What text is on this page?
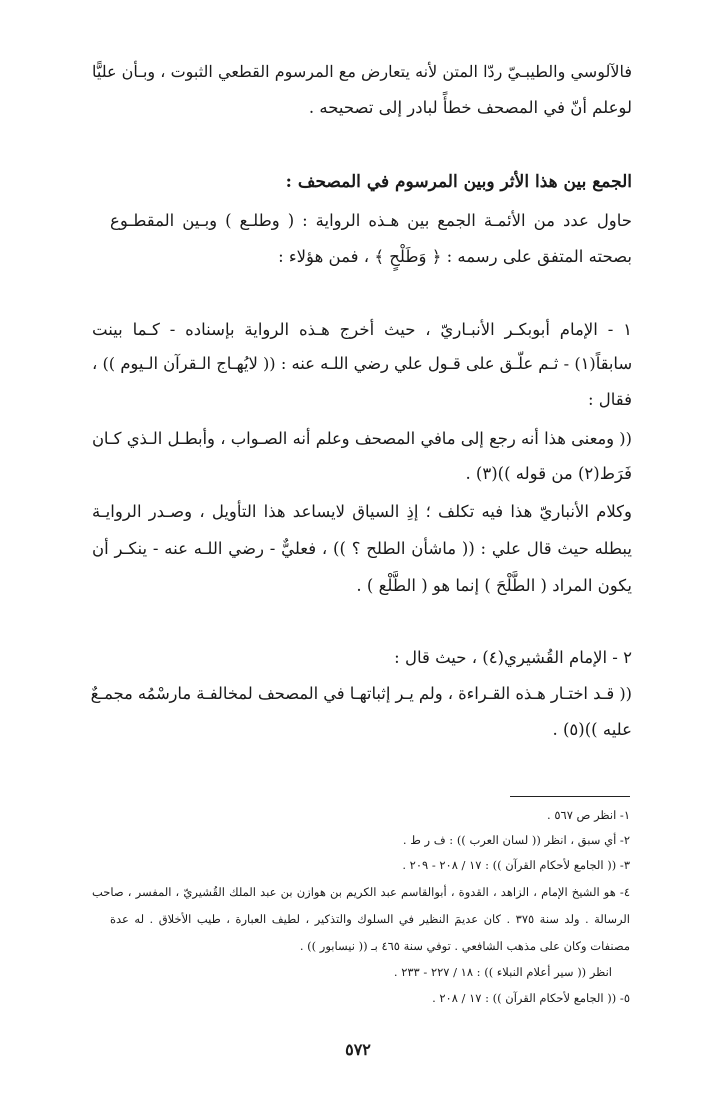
فالآلوسي والطيبـيّ ردّا المتن لأنه يتعارض مع المرسوم القطعي الثبوت ، وبـأن عليًّا
لوعلم أنّ في المصحف خطأً لبادر إلى تصحيحه .
الجمع بين هذا الأثر وبين المرسوم في المصحف :
حاول عدد من الأئمـة الجمع بين هـذه الرواية : ( وطلـع ) وبـين المقطـوع
بصحته المتفق على رسمه : ﴿ وَطَلْحٍ ﴾ ، فمن هؤلاء :
١ - الإمام أبوبكـر الأنبـاريّ ، حيث أخرج هـذه الرواية بإسناده - كـما بينت
سابقاً(١) - ثـم علّـق على قـول علي رضي اللـه عنه : (( لايُهـاج الـقرآن الـيوم )) ،
فقال :
(( ومعنى هذا أنه رجع إلى مافي المصحف وعلم أنه الصـواب ، وأبطـل الـذي كـان
فَرَط(٢) من قوله ))(٣) .
وكلام الأنباريّ هذا فيه تكلف ؛ إذِ السياق لايساعد هذا التأويل ، وصـدر الروايـة
يبطله حيث قال علي : (( ماشأن الطلح ؟ )) ، فعليٌّ - رضي اللـه عنه - ينكـر أن
يكون المراد ( الطَّلْحَ ) إنما هو ( الطَّلْع ) .
٢ - الإمام القُشيري(٤) ، حيث قال :
(( قـد اختـار هـذه القـراءة ، ولم يـر إثباتهـا في المصحف لمخالفـة مارسْمُه مجمـعٌ
عليه ))(٥) .
١- انظر ص ٥٦٧ .
٢- أي سبق ، انظر (( لسان العرب )) : ف ر ط .
٣- (( الجامع لأحكام القرآن )) : ١٧ / ٢٠٨ - ٢٠٩ .
٤- هو الشيخ الإمام ، الزاهد ، القدوة ، أبوالقاسم عبد الكريم بن هوازن بن عبد الملك القُشيريّ ، المفسر ، صاحب
الرسالة . ولد سنة ٣٧٥ . كان عديمَ النظير في السلوك والتذكير ، لطيف العبارة ، طيب الأخلاق . له عدة
مصنفات وكان على مذهب الشافعي . توفي سنة ٤٦٥ بـ (( نيسابور )) .
انظر (( سير أعلام النبلاء )) : ١٨ / ٢٢٧ - ٢٣٣ .
٥- (( الجامع لأحكام القرآن )) : ١٧ / ٢٠٨ .
٥٧٢
